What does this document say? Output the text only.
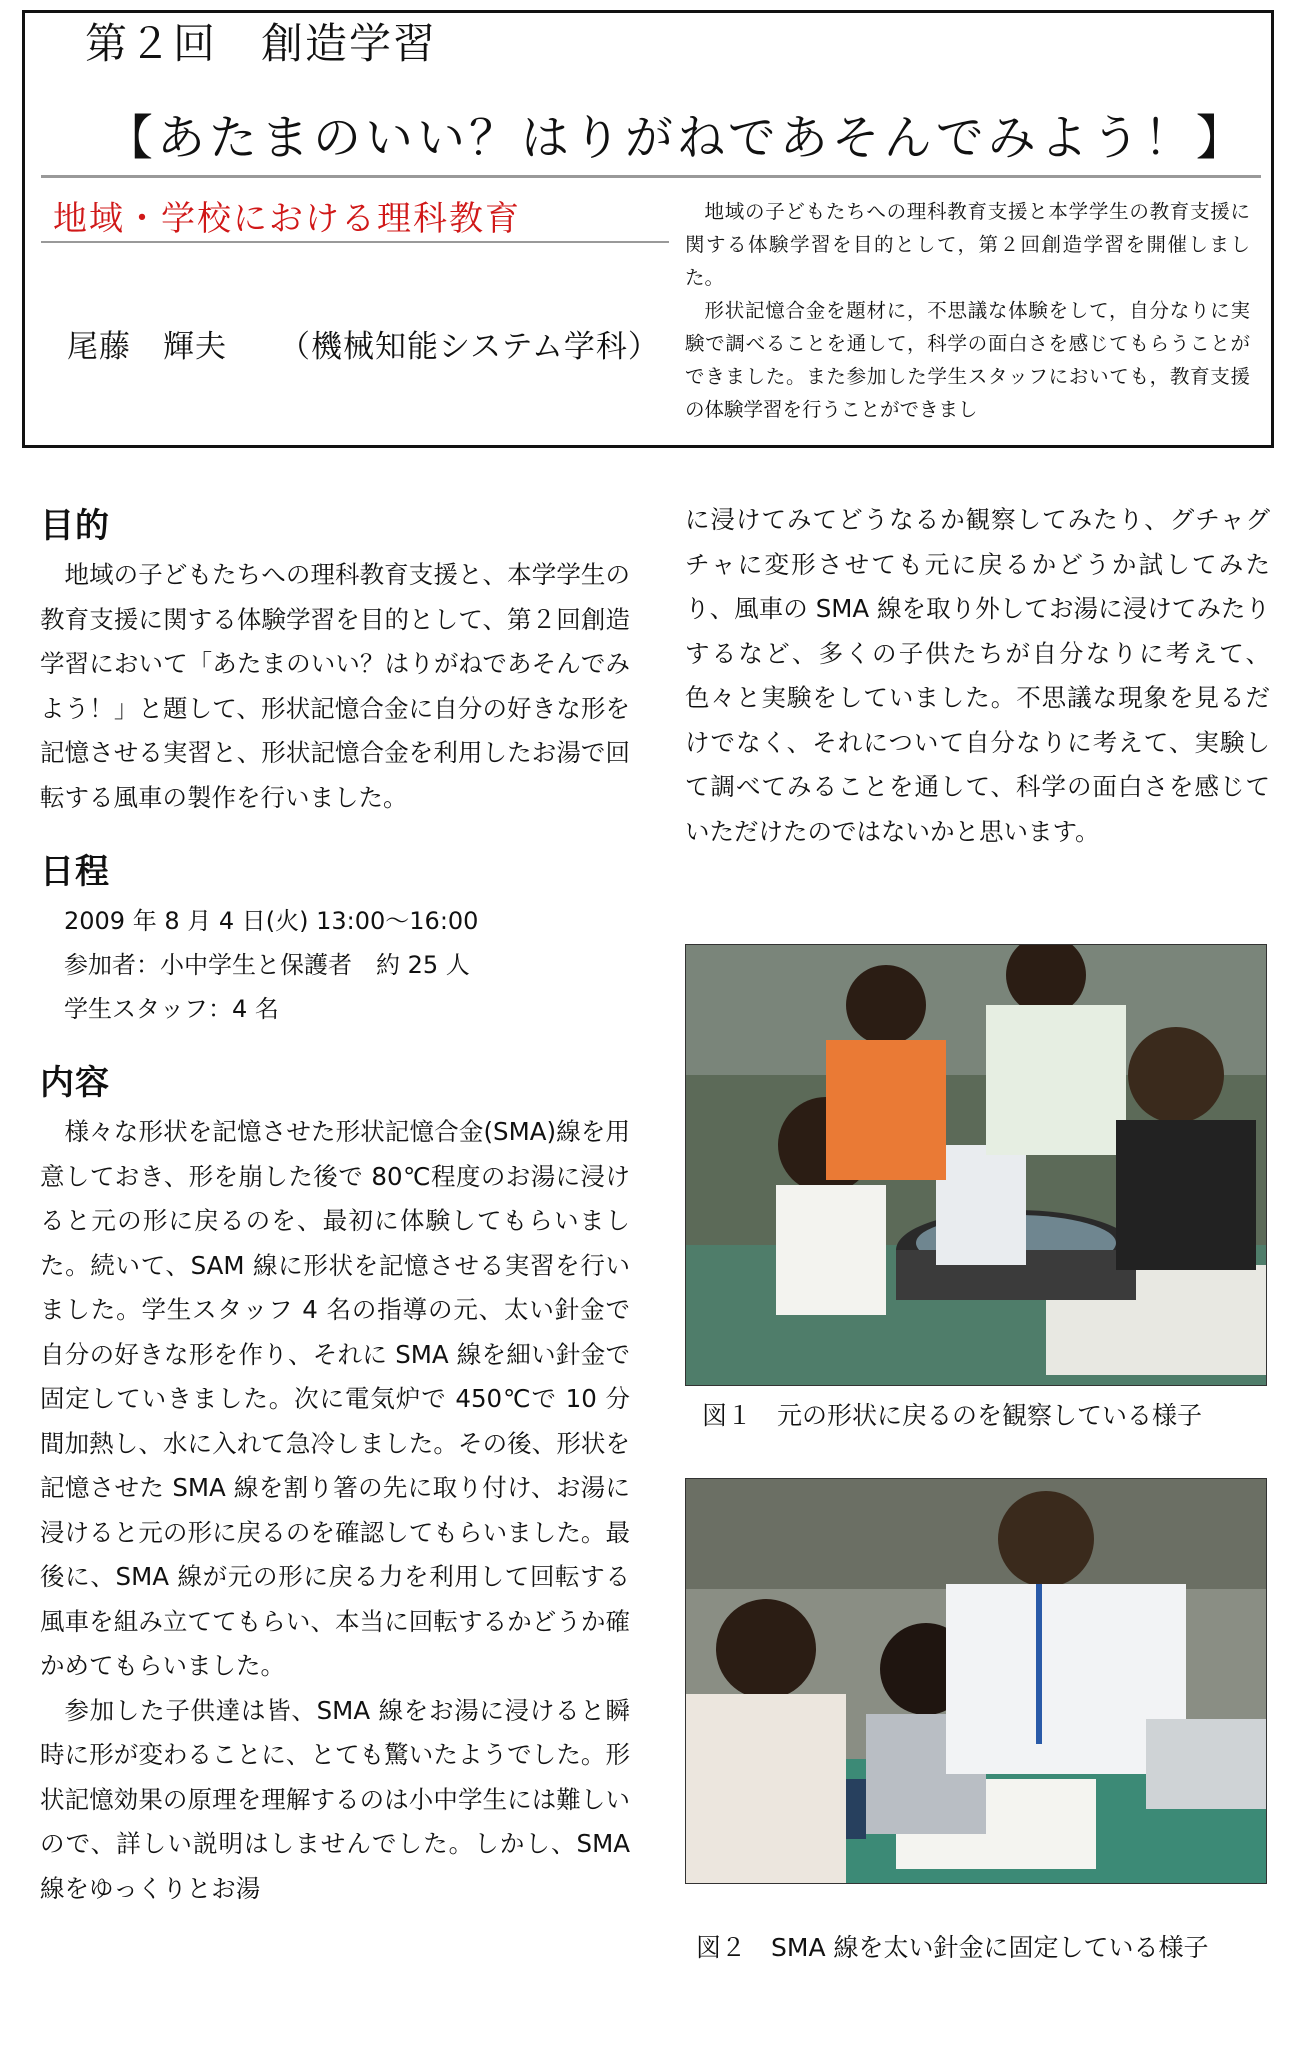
第２回　創造学習
【あたまのいい？はりがねであそんでみよう！】
地域・学校における理科教育
尾藤　輝夫 （機械知能システム学科）

地域の子どもたちへの理科教育支援と本学学生の教育支援に関する体験学習を目的として，第２回創造学習を開催しました。

形状記憶合金を題材に，不思議な体験をして，自分なりに実験で調べることを通して，科学の面白さを感じてもらうことができました。また参加した学生スタッフにおいても，教育支援の体験学習を行うことができまし

目的

地域の子どもたちへの理科教育支援と、本学学生の教育支援に関する体験学習を目的として、第２回創造学習において「あたまのいい？はりがねであそんでみよう！」と題して、形状記憶合金に自分の好きな形を記憶させる実習と、形状記憶合金を利用したお湯で回転する風車の製作を行いました。

日程
2009 年 8 月 4 日(火) 13:00〜16:00
参加者：小中学生と保護者　約 25 人
学生スタッフ：4 名
内容

様々な形状を記憶させた形状記憶合金(SMA)線を用意しておき、形を崩した後で 80℃程度のお湯に浸けると元の形に戻るのを、最初に体験してもらいました。続いて、SAM 線に形状を記憶させる実習を行いました。学生スタッフ 4 名の指導の元、太い針金で自分の好きな形を作り、それに SMA 線を細い針金で固定していきました。次に電気炉で 450℃で 10 分間加熱し、水に入れて急冷しました。その後、形状を記憶させた SMA 線を割り箸の先に取り付け、お湯に浸けると元の形に戻るのを確認してもらいました。最後に、SMA 線が元の形に戻る力を利用して回転する風車を組み立ててもらい、本当に回転するかどうか確かめてもらいました。

参加した子供達は皆、SMA 線をお湯に浸けると瞬時に形が変わることに、とても驚いたようでした。形状記憶効果の原理を理解するのは小中学生には難しいので、詳しい説明はしませんでした。しかし、SMA 線をゆっくりとお湯

に浸けてみてどうなるか観察してみたり、グチャグチャに変形させても元に戻るかどうか試してみたり、風車の SMA 線を取り外してお湯に浸けてみたりするなど、多くの子供たちが自分なりに考えて、色々と実験をしていました。不思議な現象を見るだけでなく、それについて自分なりに考えて、実験して調べてみることを通して、科学の面白さを感じていただけたのではないかと思います。

図１　元の形状に戻るのを観察している様子
図２　SMA 線を太い針金に固定している様子
